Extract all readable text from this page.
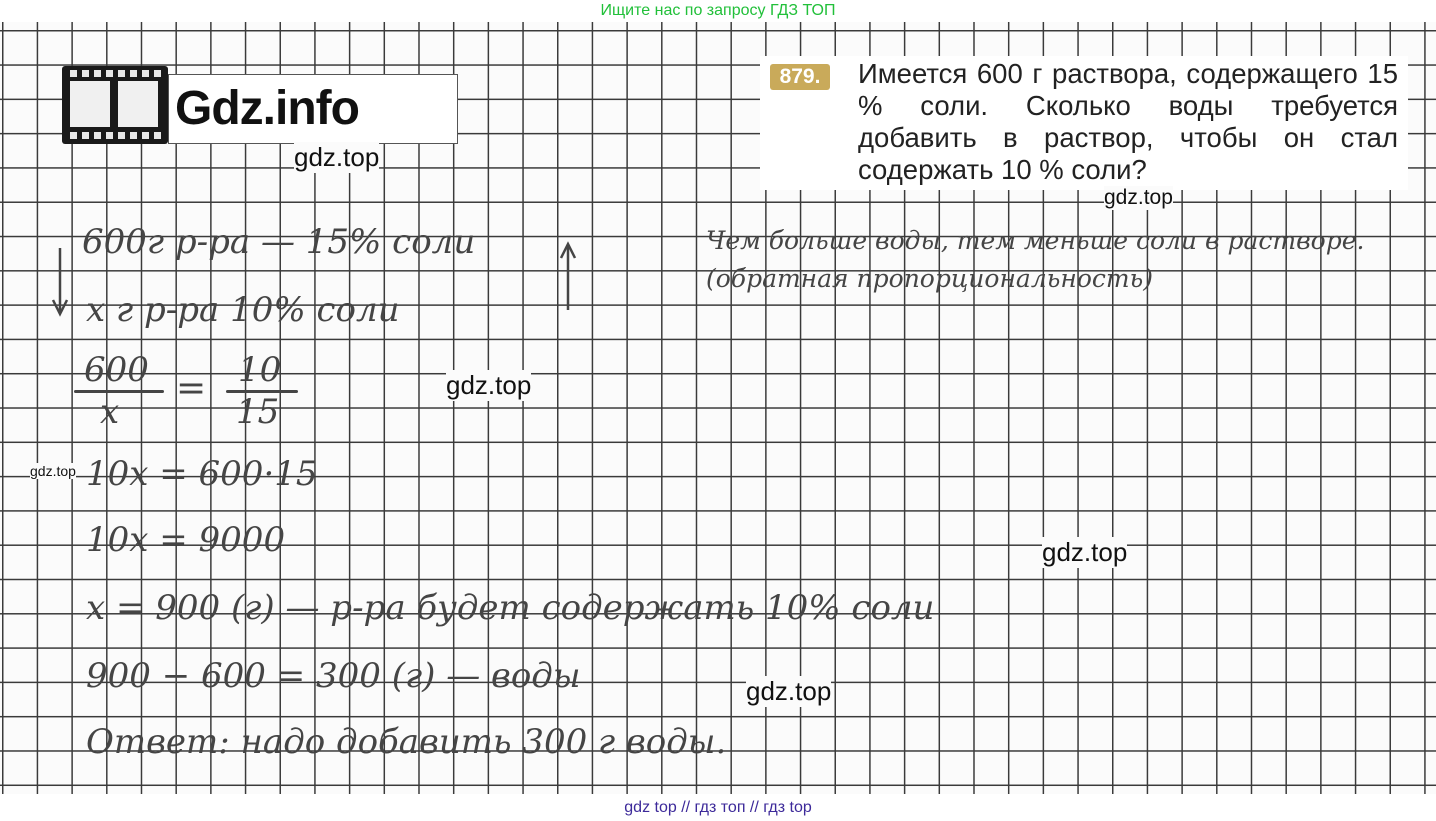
Ищите нас по запросу ГДЗ ТОП
Gdz.info
879.	Имеется 600 г раствора, содержащего 15 % соли. Сколько воды требуется добавить в раствор, чтобы он стал содержать 10 % соли?
600г р-ра — 15% соли
х г р-ра 10% соли
600
х
= 10
15
10х = 600·15
10х = 9000
х = 900 (г) — р-ра будет содержать 10% соли
900 − 600 = 300 (г) — воды
Ответ: надо добавить 300 г воды.
Чем больше воды, тем меньше соли в растворе.
(обратная пропорциональность)
gdz.top
gdz.top
gdz.top
gdz.top
gdz.top
gdz.top
gdz top // гдз топ // гдз top
